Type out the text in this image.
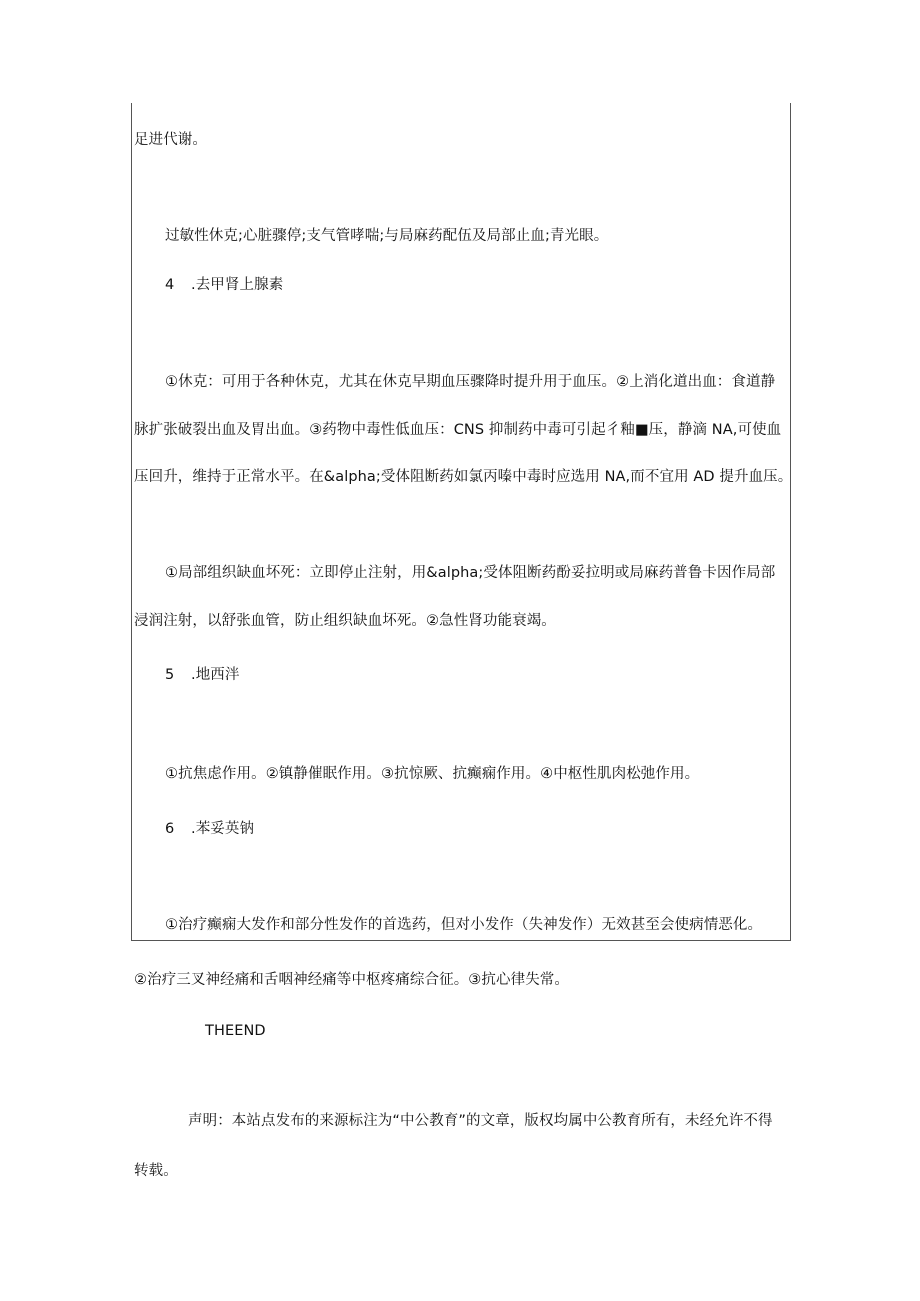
足进代谢。
过敏性休克;心脏骤停;支气管哮喘;与局麻药配伍及局部止血;青光眼。
4 .去甲肾上腺素
①休克：可用于各种休克，尤其在休克早期血压骤降时提升用于血压。②上消化道出血：食道静
脉扩张破裂出血及胃出血。③药物中毒性低血压：CNS 抑制药中毒可引起彳釉■压，静滴 NA,可使血
压回升，维持于正常水平。在&alpha;受体阻断药如氯丙嗪中毒时应选用 NA,而不宜用 AD 提升血压。
①局部组织缺血坏死：立即停止注射，用&alpha;受体阻断药酚妥拉明或局麻药普鲁卡因作局部
浸润注射，以舒张血管，防止组织缺血坏死。②急性肾功能衰竭。
5 .地西泮
①抗焦虑作用。②镇静催眠作用。③抗惊厥、抗癫痫作用。④中枢性肌肉松弛作用。
6 .苯妥英钠
①治疗癫痫大发作和部分性发作的首选药，但对小发作（失神发作）无效甚至会使病情恶化。
②治疗三叉神经痛和舌咽神经痛等中枢疼痛综合征。③抗心律失常。
THEEND
声明：本站点发布的来源标注为“中公教育”的文章，版权均属中公教育所有，未经允许不得
转载。
